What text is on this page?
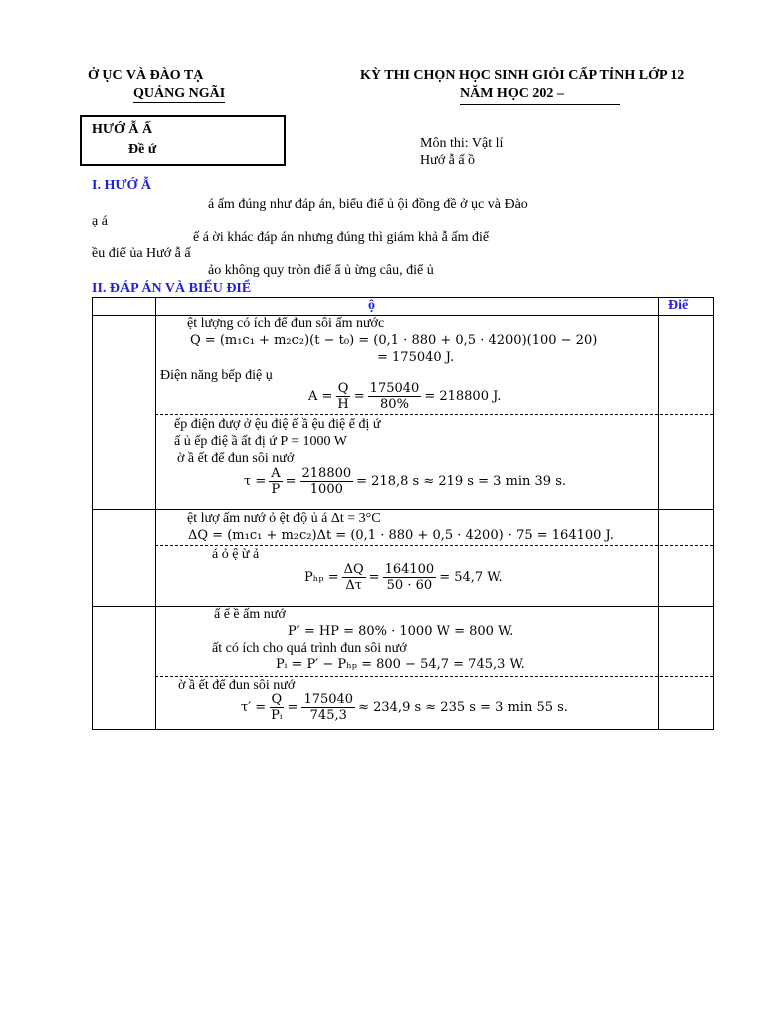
Ở ỤC VÀ ĐÀO TẠ
QUẢNG NGÃI
KỲ THI CHỌN HỌC SINH GIỎI CẤP TỈNH LỚP 12
NĂM HỌC 202 –
HƯỚ Ẫ Ấ
Đề ứ	Môn thi: Vật lí
Hướ ẫ ấ ồ
I. HƯỚ Ẫ
á ấm đúng như đáp án, biểu điể ủ ội đồng đề ở ục và Đào
ạ á
ế á ời khác đáp án nhưng đúng thì giám khả ẫ ấm điể
ều điể ủa Hướ ẫ ấ
ảo không quy tròn điể ẩ ủ ừng câu, điể ủ
II. ĐÁP ÁN VÀ BIỂU ĐIỂ
ộ	Điể
ệt lượng có ích để đun sôi ấm nước
Q = (m₁c₁ + m₂c₂)(t − t₀) = (0,1 · 880 + 0,5 · 4200)(100 − 20)
= 175040 J.
Điện năng bếp điệ ụ
$A = \frac{Q}{H} = \frac{175040}{80\%} = 218800$ J.
ếp điện đượ ở ệu điệ ế ầ ệu điệ ể đị ứ
ấ ủ ếp điệ ầ ất đị ứ P = 1000 W
ờ ầ ết để đun sôi nướ
$\tau = \frac{A}{P} = \frac{218800}{1000} = 218,8$ s ≈ 219 s = 3 min 39 s.
ệt lượ ấm nướ ỏ ệt độ ủ á Δt = 3°C
ΔQ = (m₁c₁ + m₂c₂)Δt = (0,1 · 880 + 0,5 · 4200) · 75 = 164100 J.
á ỏ ệ ừ ả
$P_{hp} = \frac{\Delta Q}{\Delta\tau} = \frac{164100}{50 \cdot 60} = 54,7$ W.
ấ ế ề ấm nướ
P′ = HP = 80% · 1000 W = 800 W.
ất có ích cho quá trình đun sôi nướ
Pᵢ = P′ − Pₕₚ = 800 − 54,7 = 745,3 W.
ờ ầ ết để đun sôi nướ
$\tau' = \frac{Q}{\text{Pᵢ}} = \frac{175040}{745,3} \approx 234,9$ s ≈ 235 s = 3 min 55 s.
